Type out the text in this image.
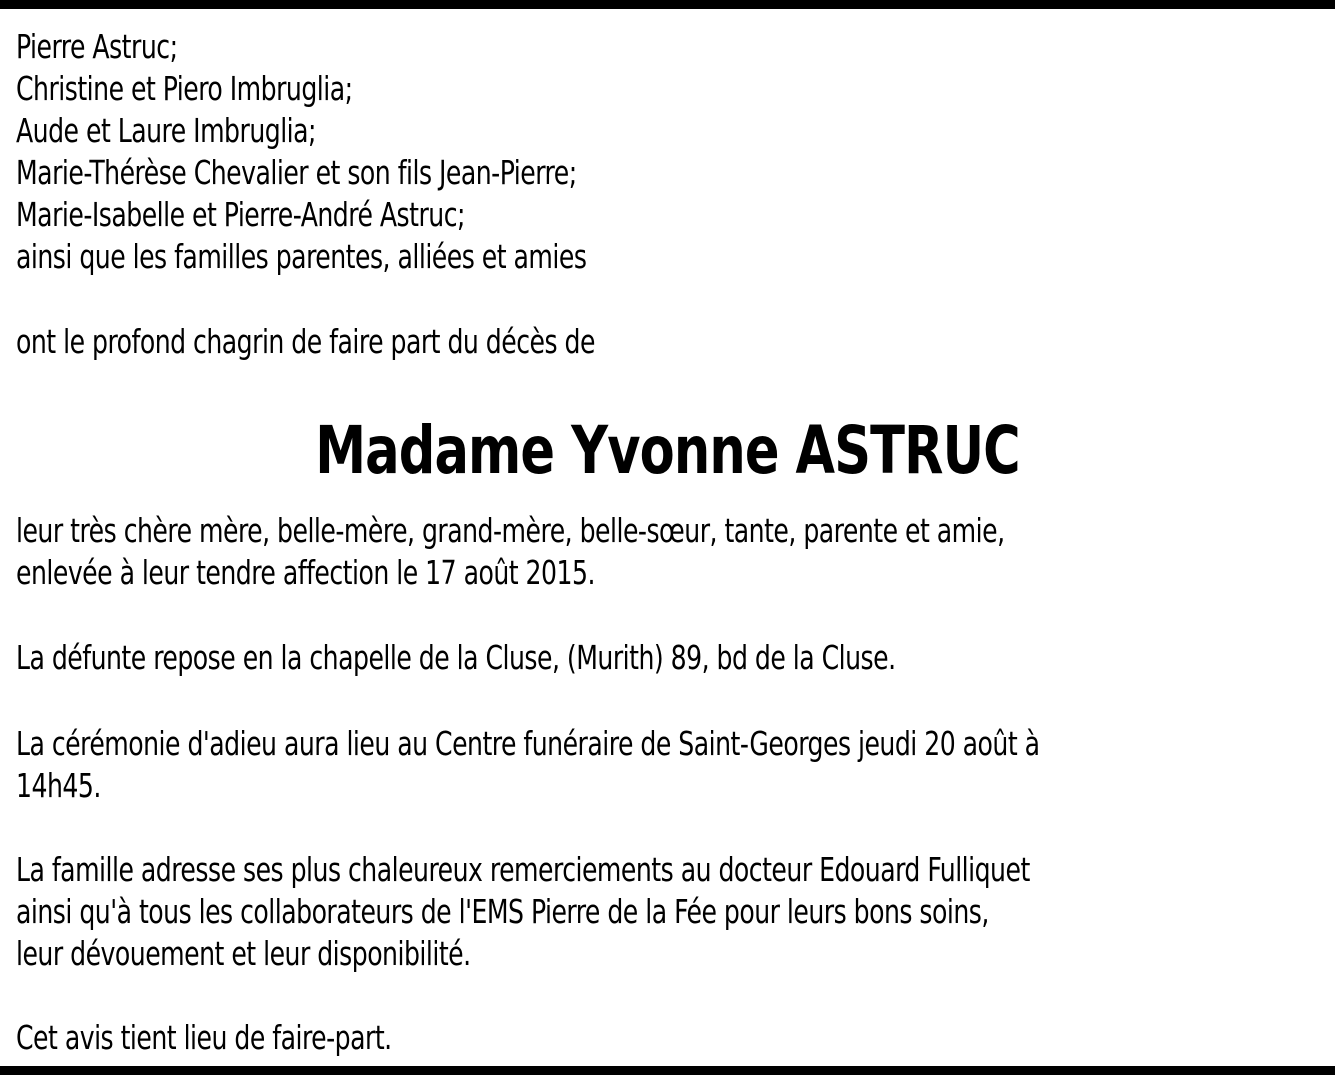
Pierre Astruc;
Christine et Piero Imbruglia;
Aude et Laure Imbruglia;
Marie-Thérèse Chevalier et son fils Jean-Pierre;
Marie-Isabelle et Pierre-André Astruc;
ainsi que les familles parentes, alliées et amies
ont le profond chagrin de faire part du décès de
Madame Yvonne ASTRUC
leur très chère mère, belle-mère, grand-mère, belle-sœur, tante, parente et amie,
enlevée à leur tendre affection le 17 août 2015.
La défunte repose en la chapelle de la Cluse, (Murith) 89, bd de la Cluse.
La cérémonie d'adieu aura lieu au Centre funéraire de Saint-Georges jeudi 20 août à
14h45.
La famille adresse ses plus chaleureux remerciements au docteur Edouard Fulliquet
ainsi qu'à tous les collaborateurs de l'EMS Pierre de la Fée pour leurs bons soins,
leur dévouement et leur disponibilité.
Cet avis tient lieu de faire-part.
